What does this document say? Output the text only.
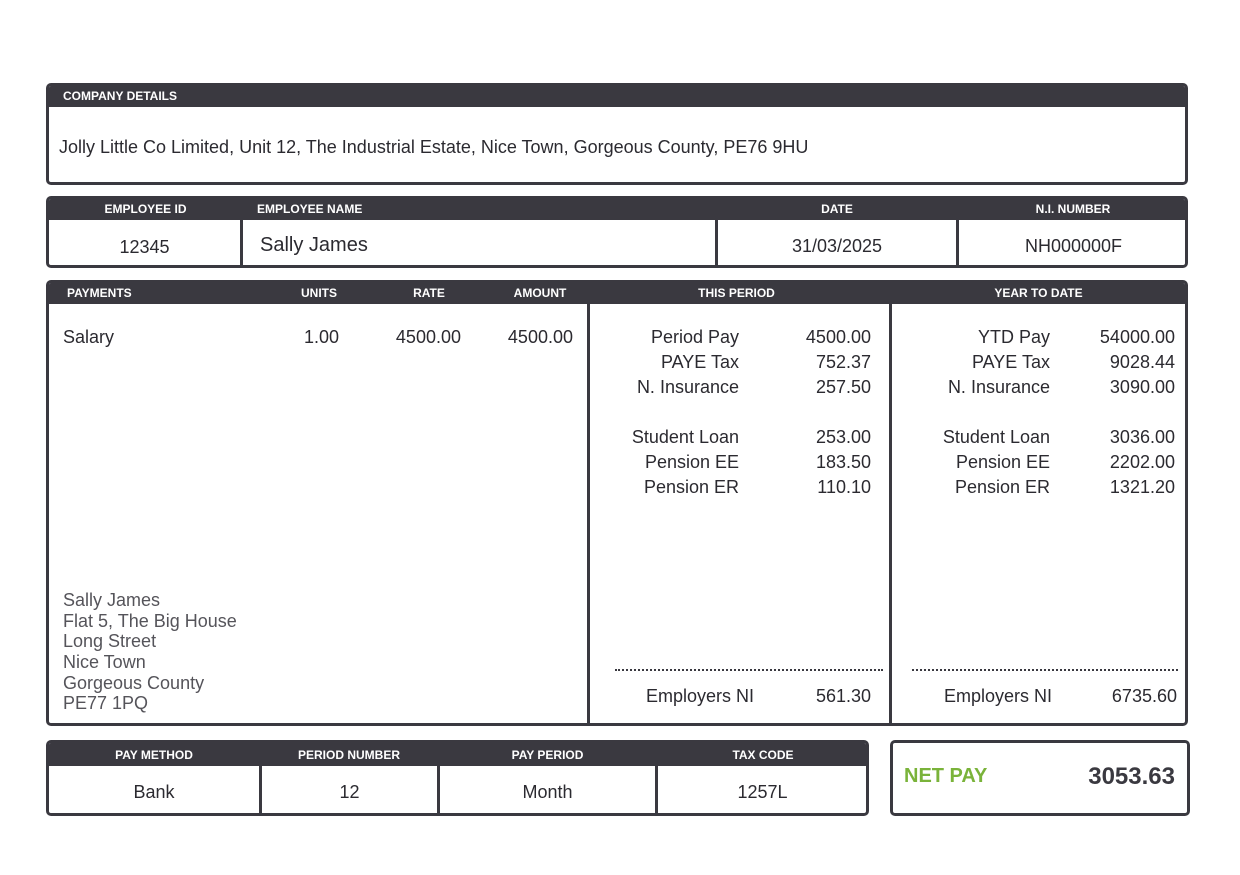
COMPANY DETAILS
Jolly Little Co Limited, Unit 12, The Industrial Estate, Nice Town, Gorgeous County, PE76 9HU
EMPLOYEE ID	EMPLOYEE NAME	DATE	N.I. NUMBER
12345	Sally James	31/03/2025	NH000000F
PAYMENTS	UNITS	RATE	AMOUNT	THIS PERIOD	YEAR TO DATE
Salary	1.00	4500.00	4500.00
Sally James
Flat 5, The Big House
Long Street
Nice Town
Gorgeous County
PE77 1PQ
Period Pay	4500.00
PAYE Tax	752.37
N. Insurance	257.50
Student Loan	253.00
Pension EE	183.50
Pension ER	110.10
Employers NI	561.30
YTD Pay	54000.00
PAYE Tax	9028.44
N. Insurance	3090.00
Student Loan	3036.00
Pension EE	2202.00
Pension ER	1321.20
Employers NI	6735.60
PAY METHOD	PERIOD NUMBER	PAY PERIOD	TAX CODE
Bank	12	Month	1257L
NET PAY	3053.63
